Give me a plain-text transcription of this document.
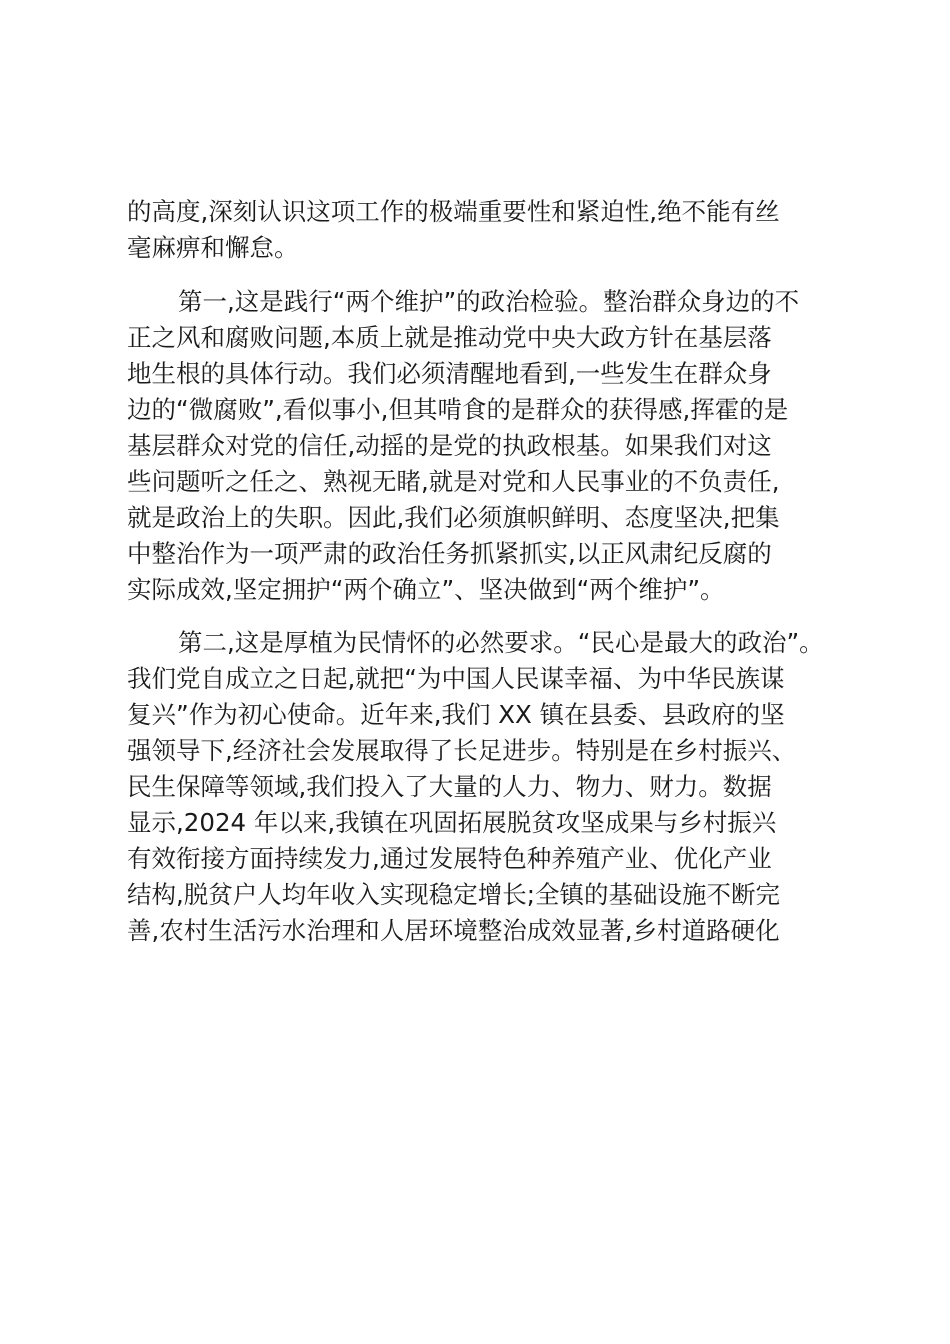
的高度,深刻认识这项工作的极端重要性和紧迫性,绝不能有丝
毫麻痹和懈怠。
第一,这是践行“两个维护”的政治检验。整治群众身边的不
正之风和腐败问题,本质上就是推动党中央大政方针在基层落
地生根的具体行动。我们必须清醒地看到,一些发生在群众身
边的“微腐败”,看似事小,但其啃食的是群众的获得感,挥霍的是
基层群众对党的信任,动摇的是党的执政根基。如果我们对这
些问题听之任之、熟视无睹,就是对党和人民事业的不负责任,
就是政治上的失职。因此,我们必须旗帜鲜明、态度坚决,把集
中整治作为一项严肃的政治任务抓紧抓实,以正风肃纪反腐的
实际成效,坚定拥护“两个确立”、坚决做到“两个维护”。
第二,这是厚植为民情怀的必然要求。“民心是最大的政治”。
我们党自成立之日起,就把“为中国人民谋幸福、为中华民族谋
复兴”作为初心使命。近年来,我们 XX 镇在县委、县政府的坚
强领导下,经济社会发展取得了长足进步。特别是在乡村振兴、
民生保障等领域,我们投入了大量的人力、物力、财力。数据
显示,2024 年以来,我镇在巩固拓展脱贫攻坚成果与乡村振兴
有效衔接方面持续发力,通过发展特色种养殖产业、优化产业
结构,脱贫户人均年收入实现稳定增长;全镇的基础设施不断完
善,农村生活污水治理和人居环境整治成效显著,乡村道路硬化
